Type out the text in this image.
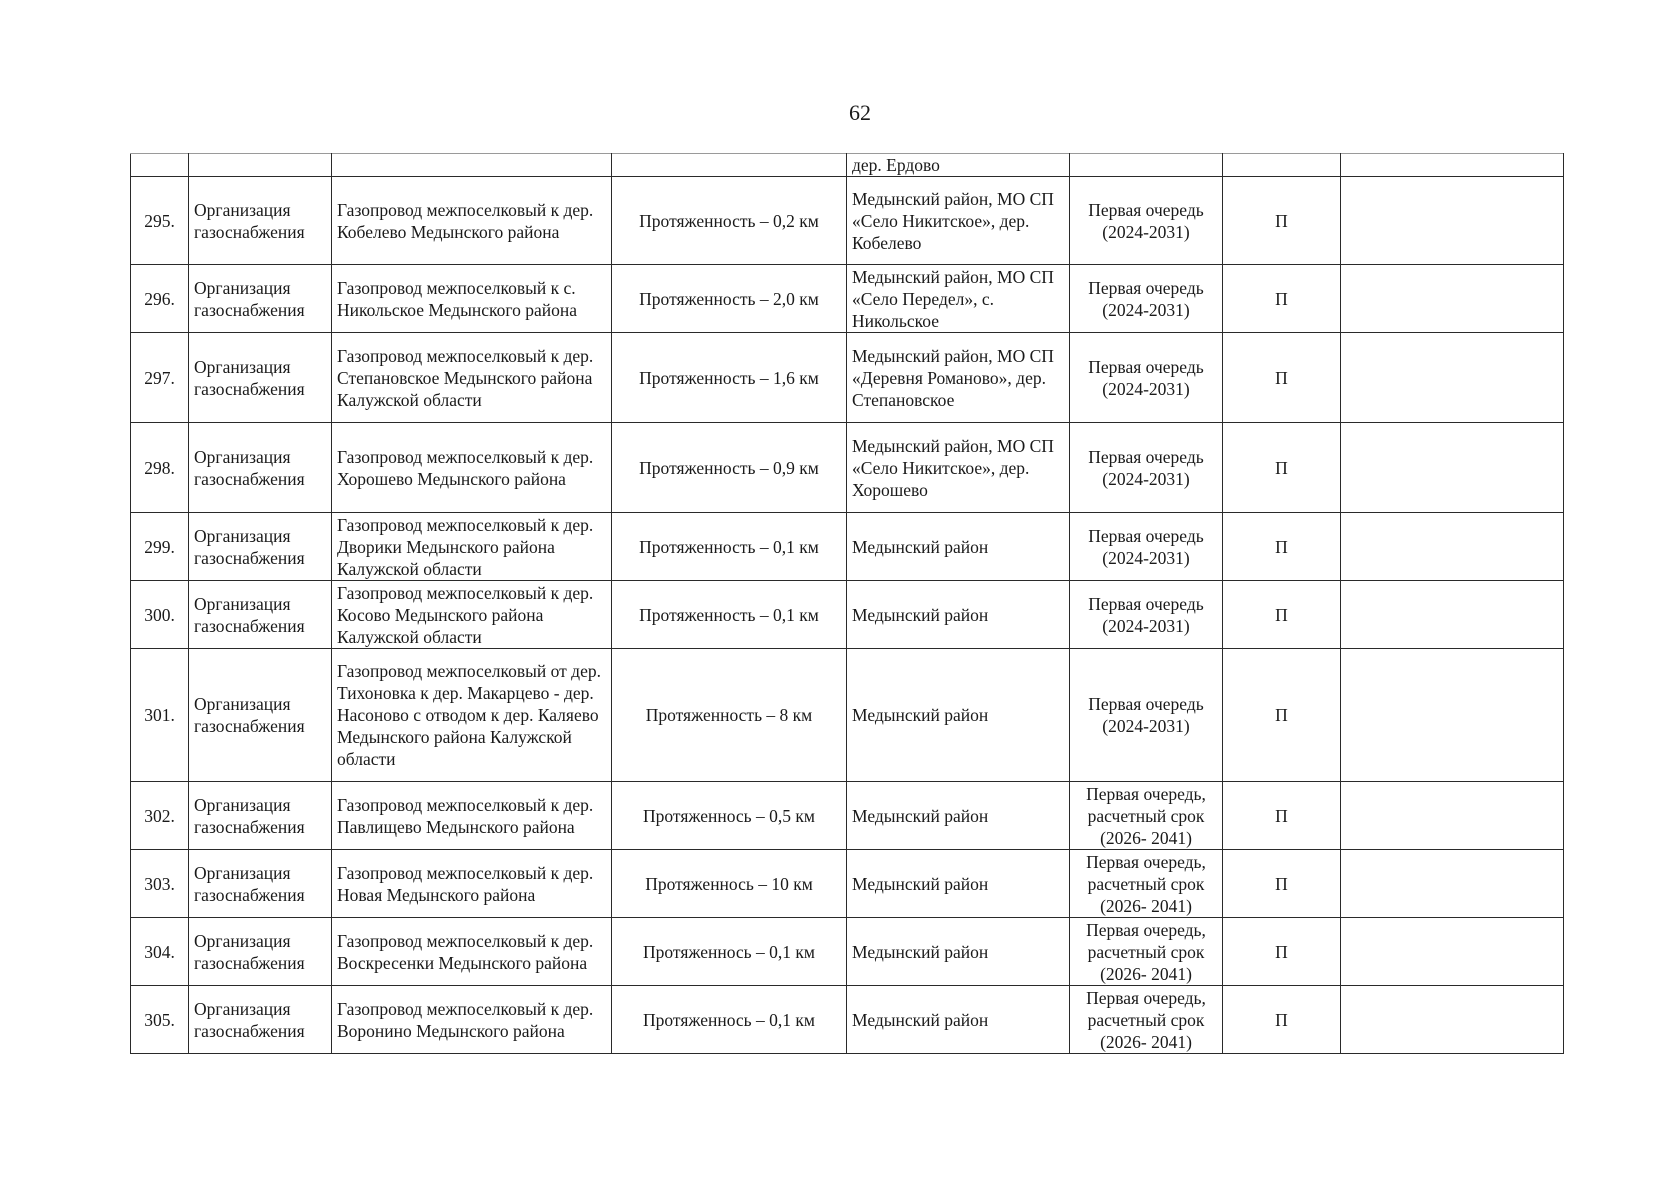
62
				дер. Ердово			
295.	Организация газоснабжения	Газопровод межпоселковый к дер. Кобелево Медынского района	Протяженность – 0,2 км	Медынский район, МО СП «Село Никитское», дер. Кобелево	Первая очередь (2024-2031)	П	
296.	Организация газоснабжения	Газопровод межпоселковый к с. Никольское Медынского района	Протяженность – 2,0 км	Медынский район, МО СП «Село Передел», с. Никольское	Первая очередь (2024-2031)	П	
297.	Организация газоснабжения	Газопровод межпоселковый к дер. Степановское Медынского района Калужской области	Протяженность – 1,6 км	Медынский район, МО СП «Деревня Романово», дер. Степановское	Первая очередь (2024-2031)	П	
298.	Организация газоснабжения	Газопровод межпоселковый к дер. Хорошево Медынского района	Протяженность – 0,9 км	Медынский район, МО СП «Село Никитское», дер. Хорошево	Первая очередь (2024-2031)	П	
299.	Организация газоснабжения	Газопровод межпоселковый к дер. Дворики Медынского района Калужской области	Протяженность – 0,1 км	Медынский район	Первая очередь (2024-2031)	П	
300.	Организация газоснабжения	Газопровод межпоселковый к дер. Косово Медынского района Калужской области	Протяженность – 0,1 км	Медынский район	Первая очередь (2024-2031)	П	
301.	Организация газоснабжения	Газопровод межпоселковый от дер. Тихоновка к дер. Макарцево - дер. Насоново с отводом к дер. Каляево Медынского района Калужской области	Протяженность – 8 км	Медынский район	Первая очередь (2024-2031)	П	
302.	Организация газоснабжения	Газопровод межпоселковый к дер. Павлищево Медынского района	Протяженнось – 0,5 км	Медынский район	Первая очередь, расчетный срок (2026- 2041)	П	
303.	Организация газоснабжения	Газопровод межпоселковый к дер. Новая Медынского района	Протяженнось – 10 км	Медынский район	Первая очередь, расчетный срок (2026- 2041)	П	
304.	Организация газоснабжения	Газопровод межпоселковый к дер. Воскресенки Медынского района	Протяженнось – 0,1 км	Медынский район	Первая очередь, расчетный срок (2026- 2041)	П	
305.	Организация газоснабжения	Газопровод межпоселковый к дер. Воронино Медынского района	Протяженнось – 0,1 км	Медынский район	Первая очередь, расчетный срок (2026- 2041)	П	
